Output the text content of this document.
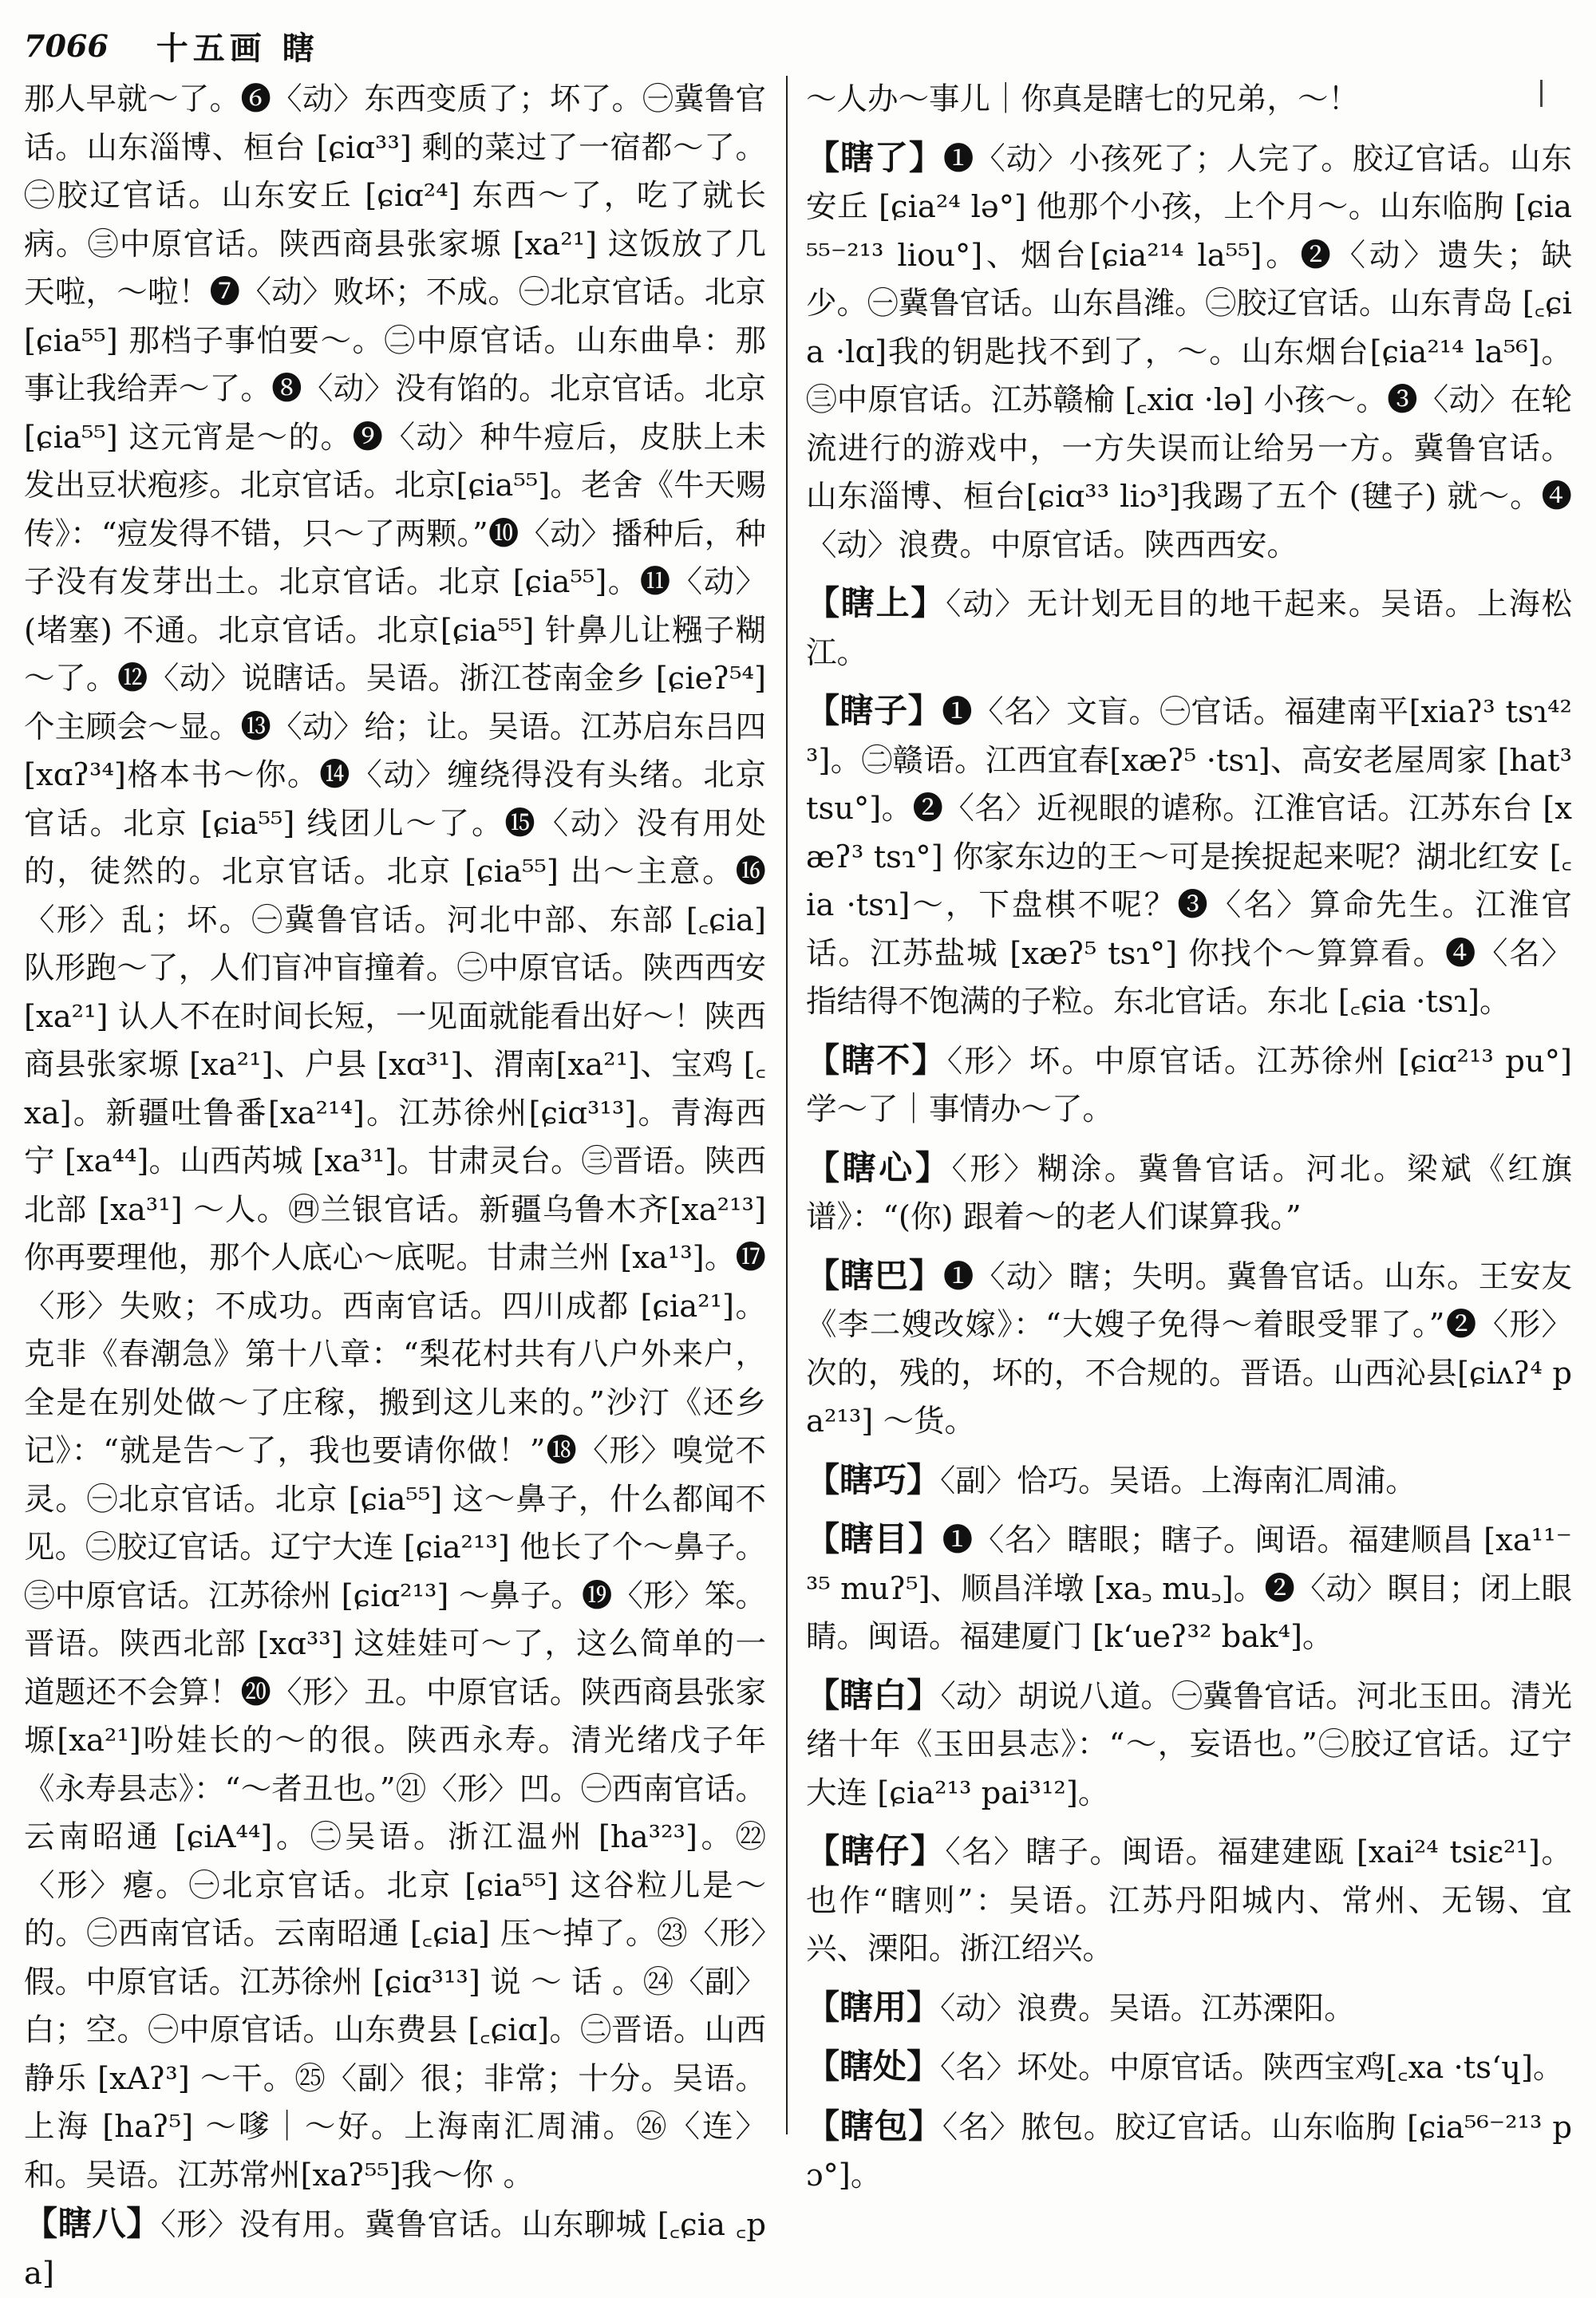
7066 十五画 瞎

那人早就～了。❻〈动〉东西变质了；坏了。㊀冀鲁官话。山东淄博、桓台 [ɕiɑ³³] 剩的菜过了一宿都～了。㊁胶辽官话。山东安丘 [ɕiɑ²⁴] 东西～了，吃了就长病。㊂中原官话。陕西商县张家塬 [xa²¹] 这饭放了几天啦，～啦！❼〈动〉败坏；不成。㊀北京官话。北京 [ɕia⁵⁵] 那档子事怕要～。㊁中原官话。山东曲阜：那事让我给弄～了。❽〈动〉没有馅的。北京官话。北京 [ɕia⁵⁵] 这元宵是～的。❾〈动〉种牛痘后，皮肤上未发出豆状疱疹。北京官话。北京[ɕia⁵⁵]。老舍《牛天赐传》：“痘发得不错，只～了两颗。”❿〈动〉播种后，种子没有发芽出土。北京官话。北京 [ɕia⁵⁵]。⓫〈动〉(堵塞) 不通。北京官话。北京[ɕia⁵⁵] 针鼻儿让糨子糊～了。⓬〈动〉说瞎话。吴语。浙江苍南金乡 [ɕieʔ⁵⁴] 个主顾会～显。⓭〈动〉给；让。吴语。江苏启东吕四 [xɑʔ³⁴]格本书～你。⓮〈动〉缠绕得没有头绪。北京官话。北京 [ɕia⁵⁵] 线团儿～了。⓯〈动〉没有用处的，徒然的。北京官话。北京 [ɕia⁵⁵] 出～主意。⓰〈形〉乱；坏。㊀冀鲁官话。河北中部、东部 [꜀ɕia] 队形跑～了，人们盲冲盲撞着。㊁中原官话。陕西西安 [xa²¹] 认人不在时间长短，一见面就能看出好～！陕西商县张家塬 [xa²¹]、户县 [xɑ³¹]、渭南[xa²¹]、宝鸡 [꜀xa]。新疆吐鲁番[xa²¹⁴]。江苏徐州[ɕiɑ³¹³]。青海西宁 [xa⁴⁴]。山西芮城 [xa³¹]。甘肃灵台。㊂晋语。陕西北部 [xa³¹] ～人。㊃兰银官话。新疆乌鲁木齐[xa²¹³]你再要理他，那个人底心～底呢。甘肃兰州 [xa¹³]。⓱〈形〉失败；不成功。西南官话。四川成都 [ɕia²¹]。克非《春潮急》第十八章：“梨花村共有八户外来户，全是在别处做～了庄稼，搬到这儿来的。”沙汀《还乡记》：“就是告～了，我也要请你做！”⓲〈形〉嗅觉不灵。㊀北京官话。北京 [ɕia⁵⁵] 这～鼻子，什么都闻不见。㊁胶辽官话。辽宁大连 [ɕia²¹³] 他长了个～鼻子。㊂中原官话。江苏徐州 [ɕiɑ²¹³] ～鼻子。⓳〈形〉笨。晋语。陕西北部 [xɑ³³] 这娃娃可～了，这么简单的一道题还不会算！⓴〈形〉丑。中原官话。陕西商县张家塬[xa²¹]吩娃长的～的很。陕西永寿。清光绪戊子年《永寿县志》：“～者丑也。”㉑〈形〉凹。㊀西南官话。云南昭通 [ɕiA⁴⁴]。㊁吴语。浙江温州 [ha³²³]。㉒〈形〉瘪。㊀北京官话。北京 [ɕia⁵⁵] 这谷粒儿是～的。㊁西南官话。云南昭通 [꜀ɕia] 压～掉了。㉓〈形〉假。中原官话。江苏徐州 [ɕiɑ³¹³] 说 ～ 话 。㉔〈副〉白；空。㊀中原官话。山东费县 [꜀ɕiɑ]。㊁晋语。山西静乐 [xAʔ³] ～干。㉕〈副〉很；非常；十分。吴语。上海 [haʔ⁵] ～嗲｜～好。上海南汇周浦。㉖〈连〉和。吴语。江苏常州[xaʔ⁵⁵]我～你 。

【瞎八】〈形〉没有用。冀鲁官话。山东聊城 [꜀ɕia ꜀pa]

～人办～事儿｜你真是瞎七的兄弟，～！

【瞎了】❶〈动〉小孩死了；人完了。胶辽官话。山东安丘 [ɕia²⁴ lə°] 他那个小孩，上个月～。山东临朐 [ɕia⁵⁵⁻²¹³ liou°]、烟台[ɕia²¹⁴ la⁵⁵]。❷〈动〉遗失；缺少。㊀冀鲁官话。山东昌潍。㊁胶辽官话。山东青岛 [꜀ɕia ·lɑ]我的钥匙找不到了，～。山东烟台[ɕia²¹⁴ la⁵⁶]。㊂中原官话。江苏赣榆 [꜀xiɑ ·lə] 小孩～。❸〈动〉在轮流进行的游戏中，一方失误而让给另一方。冀鲁官话。山东淄博、桓台[ɕiɑ³³ liɔ³]我踢了五个 (毽子) 就～。❹〈动〉浪费。中原官话。陕西西安。

【瞎上】〈动〉无计划无目的地干起来。吴语。上海松江。

【瞎子】❶〈名〉文盲。㊀官话。福建南平[xiaʔ³ tsɿ⁴²³]。㊁赣语。江西宜春[xæʔ⁵ ·tsɿ]、高安老屋周家 [hat³ tsu°]。❷〈名〉近视眼的谑称。江淮官话。江苏东台 [xæʔ³ tsɿ°] 你家东边的王～可是挨捉起来呢？湖北红安 [꜀ia ·tsɿ]～，下盘棋不呢？❸〈名〉算命先生。江淮官话。江苏盐城 [xæʔ⁵ tsɿ°] 你找个～算算看。❹〈名〉指结得不饱满的子粒。东北官话。东北 [꜀ɕia ·tsɿ]。

【瞎不】〈形〉坏。中原官话。江苏徐州 [ɕiɑ²¹³ pu°] 学～了｜事情办～了。

【瞎心】〈形〉糊涂。冀鲁官话。河北。梁斌《红旗谱》：“(你) 跟着～的老人们谋算我。”

【瞎巴】❶〈动〉瞎；失明。冀鲁官话。山东。王安友《李二嫂改嫁》：“大嫂子免得～着眼受罪了。”❷〈形〉次的，残的，坏的，不合规的。晋语。山西沁县[ɕiʌʔ⁴ pa²¹³] ～货。

【瞎巧】〈副〉恰巧。吴语。上海南汇周浦。

【瞎目】❶〈名〉瞎眼；瞎子。闽语。福建顺昌 [xa¹¹⁻³⁵ muʔ⁵]、顺昌洋墩 [xa꜆ mu꜆]。❷〈动〉瞑目；闭上眼睛。闽语。福建厦门 [k‘ueʔ³² bak⁴]。

【瞎白】〈动〉胡说八道。㊀冀鲁官话。河北玉田。清光绪十年《玉田县志》：“～，妄语也。”㊁胶辽官话。辽宁大连 [ɕia²¹³ pai³¹²]。

【瞎仔】〈名〉瞎子。闽语。福建建瓯 [xai²⁴ tsiɛ²¹]。也作“瞎则”：吴语。江苏丹阳城内、常州、无锡、宜兴、溧阳。浙江绍兴。

【瞎用】〈动〉浪费。吴语。江苏溧阳。

【瞎处】〈名〉坏处。中原官话。陕西宝鸡[꜀xa ·ts‘ɥ]。

【瞎包】〈名〉脓包。胶辽官话。山东临朐 [ɕia⁵⁶⁻²¹³ pɔ°]。
